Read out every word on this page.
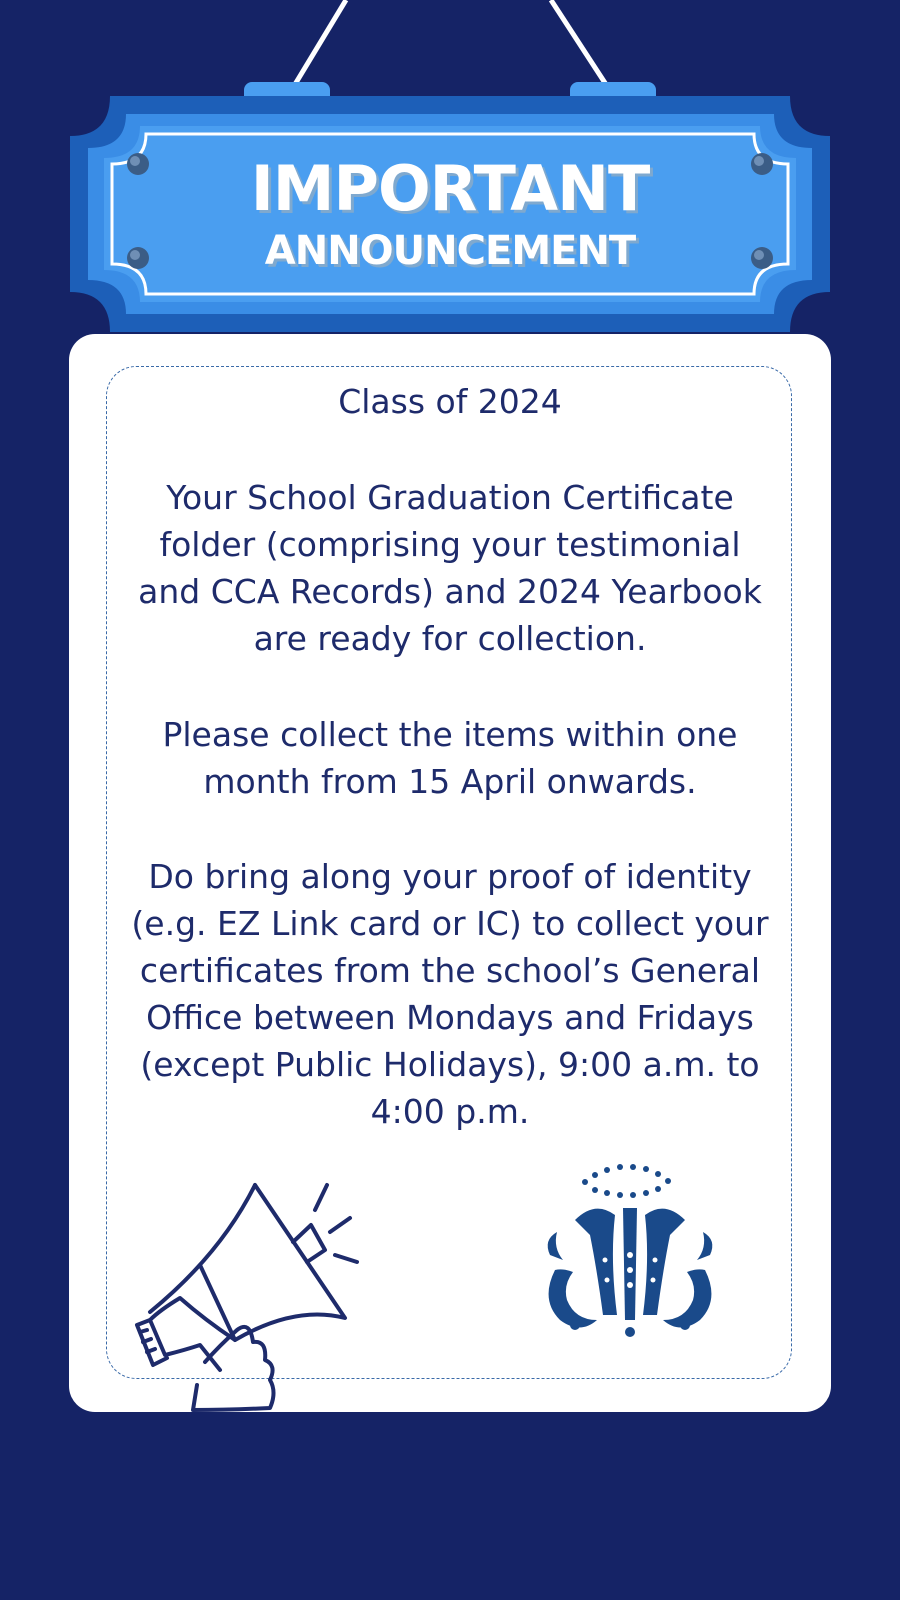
IMPORTANT
ANNOUNCEMENT
Class of 2024
Your School Graduation Certificate folder (comprising your testimonial and CCA Records) and 2024 Yearbook are ready for collection.
Please collect the items within one month from 15 April onwards.
Do bring along your proof of identity (e.g. EZ Link card or IC) to collect your certificates from the school’s General Office between Mondays and Fridays (except Public Holidays), 9:00 a.m. to 4:00 p.m.
